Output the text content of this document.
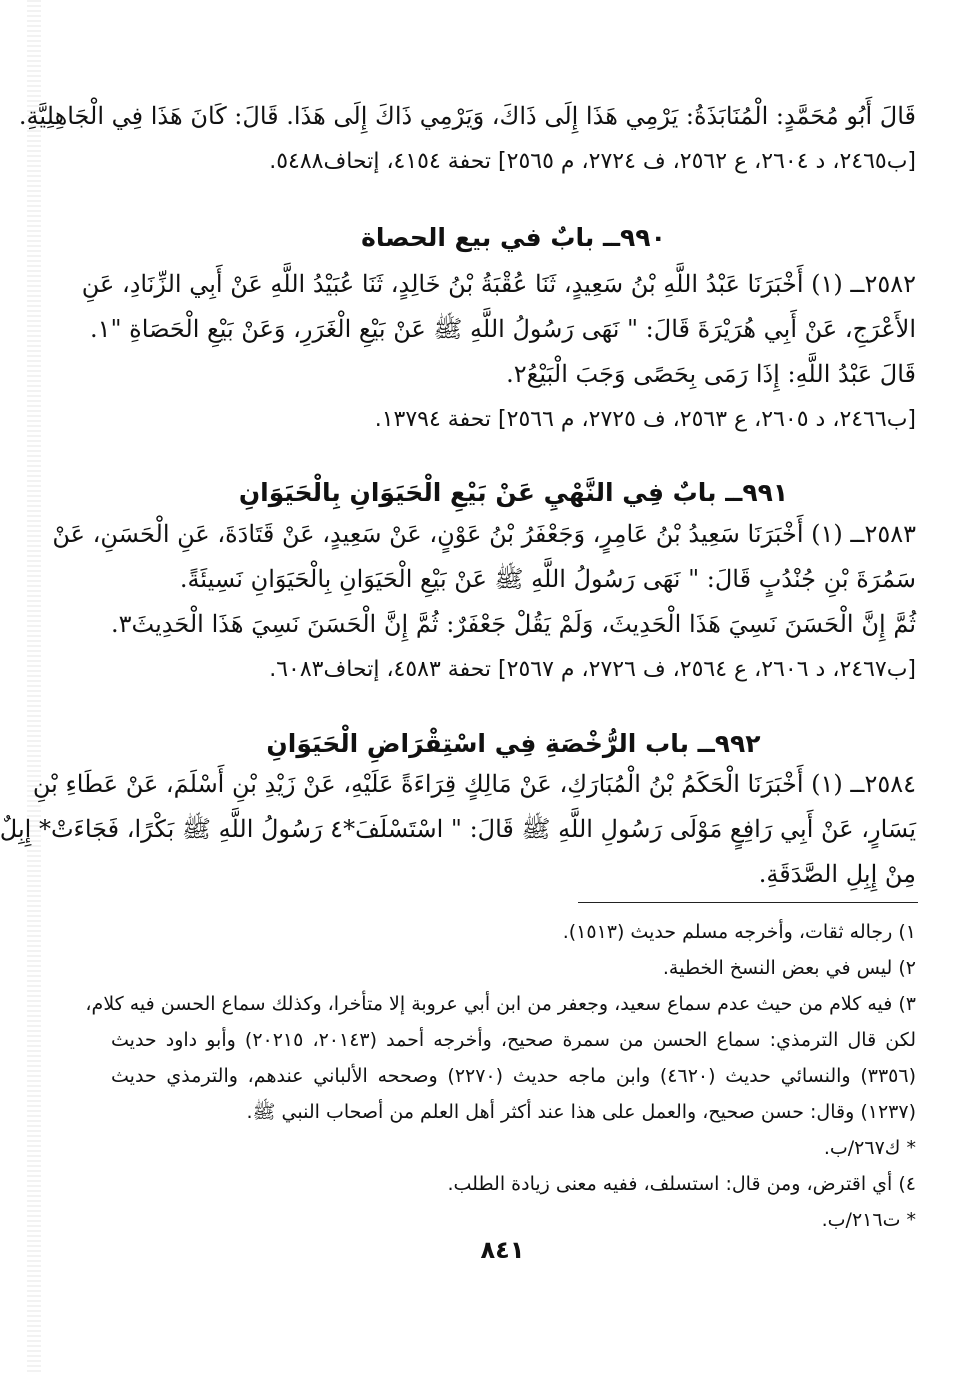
قَالَ أَبُو مُحَمَّدٍ: الْمُنَابَذَةُ: يَرْمِي هَذَا إِلَى ذَاكَ، وَيَرْمِي ذَاكَ إِلَى هَذَا. قَالَ: كَانَ هَذَا فِي الْجَاهِلِيَّةِ.
[ب٢٤٦٥، د ٢٦٠٤، ع ٢٥٦٢، ف ٢٧٢٤، م ٢٥٦٥] تحفة ٤١٥٤، إتحاف٥٤٨٨.
٩٩٠ــ بابٌ في بيع الحصاة
٢٥٨٢ــ (١) أَخْبَرَنَا عَبْدُ اللَّهِ بْنُ سَعِيدٍ، ثَنَا عُقْبَةُ بْنُ خَالِدٍ، ثَنَا عُبَيْدُ اللَّهِ عَنْ أَبِي الزِّنَادِ، عَنِ
الأَعْرَجِ، عَنْ أَبِي هُرَيْرَةَ قَالَ: " نَهَى رَسُولُ اللَّهِ ﷺ عَنْ بَيْعِ الْغَرَرِ، وَعَنْ بَيْعِ الْحَصَاةِ "١.
قَالَ عَبْدُ اللَّهِ: إِذَا رَمَى بِحَصًى وَجَبَ الْبَيْعُ٢.
[ب٢٤٦٦، د ٢٦٠٥، ع ٢٥٦٣، ف ٢٧٢٥، م ٢٥٦٦] تحفة ١٣٧٩٤.
٩٩١ــ بابٌ فِي النَّهْيِ عَنْ بَيْعِ الْحَيَوَانِ بِالْحَيَوَانِ
٢٥٨٣ــ (١) أَخْبَرَنَا سَعِيدُ بْنُ عَامِرٍ، وَجَعْفَرُ بْنُ عَوْنٍ، عَنْ سَعِيدٍ، عَنْ قَتَادَةَ، عَنِ الْحَسَنِ، عَنْ
سَمُرَةَ بْنِ جُنْدُبٍ قَالَ: " نَهَى رَسُولُ اللَّهِ ﷺ عَنْ بَيْعِ الْحَيَوَانِ بِالْحَيَوَانِ نَسِيئَةً.
ثُمَّ إِنَّ الْحَسَنَ نَسِيَ هَذَا الْحَدِيثَ، وَلَمْ يَقُلْ جَعْفَرٌ: ثُمَّ إِنَّ الْحَسَنَ نَسِيَ هَذَا الْحَدِيثَ٣.
[ب٢٤٦٧، د ٢٦٠٦، ع ٢٥٦٤، ف ٢٧٢٦، م ٢٥٦٧] تحفة ٤٥٨٣، إتحاف٦٠٨٣.
٩٩٢ــ باب الرُّخْصَةِ فِي اسْتِقْرَاضِ الْحَيَوَانِ
٢٥٨٤ــ (١) أَخْبَرَنَا الْحَكَمُ بْنُ الْمُبَارَكِ، عَنْ مَالِكٍ قِرَاءَةً عَلَيْهِ، عَنْ زَيْدِ بْنِ أَسْلَمَ، عَنْ عَطَاءِ بْنِ
يَسَارٍ، عَنْ أَبِي رَافِعٍ مَوْلَى رَسُولِ اللَّهِ ﷺ قَالَ: " اسْتَسْلَفَ*٤ رَسُولُ اللَّهِ ﷺ بَكْرًا، فَجَاءَتْ* إِبِلٌ
مِنْ إِبِلِ الصَّدَقَةِ.
١) رجاله ثقات، وأخرجه مسلم حديث (١٥١٣).
٢) ليس في بعض النسخ الخطية.
٣) فيه كلام من حيث عدم سماع سعيد، وجعفر من ابن أبي عروبة إلا متأخرا، وكذلك سماع الحسن فيه كلام،
لكن قال الترمذي: سماع الحسن من سمرة صحيح، وأخرجه أحمد (٢٠١٤٣، ٢٠٢١٥) وأبو داود حديث
(٣٣٥٦) والنسائي حديث (٤٦٢٠) وابن ماجه حديث (٢٢٧٠) وصححه الألباني عندهم، والترمذي حديث
(١٢٣٧) وقال: حسن صحيح، والعمل على هذا عند أكثر أهل العلم من أصحاب النبي ﷺ.
* ك٢٦٧/ب.
٤) أي اقترض، ومن قال: استسلف، ففيه معنى زيادة الطلب.
* ت٢١٦/ب.
٨٤١
